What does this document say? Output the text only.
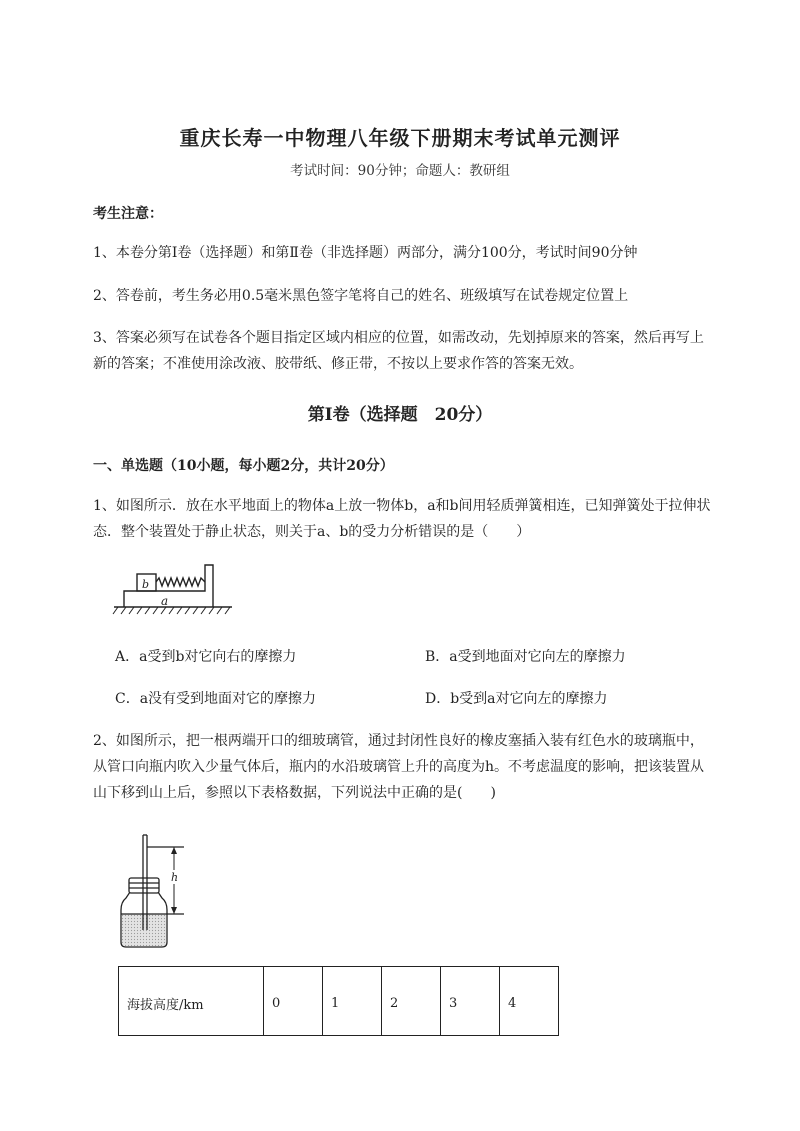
重庆长寿一中物理八年级下册期末考试单元测评
考试时间：90分钟；命题人：教研组
考生注意：
1、本卷分第I卷（选择题）和第Ⅱ卷（非选择题）两部分，满分100分，考试时间90分钟
2、答卷前，考生务必用0.5毫米黑色签字笔将自己的姓名、班级填写在试卷规定位置上
3、答案必须写在试卷各个题目指定区域内相应的位置，如需改动，先划掉原来的答案，然后再写上新的答案；不准使用涂改液、胶带纸、修正带，不按以上要求作答的答案无效。
第I卷（选择题　20分）
一、单选题（10小题，每小题2分，共计20分）
1、如图所示．放在水平地面上的物体a上放一物体b，a和b间用轻质弹簧相连，已知弹簧处于拉伸状态．整个装置处于静止状态，则关于a、b的受力分析错误的是（　　）
b
a
A．a受到b对它向右的摩擦力	B．a受到地面对它向左的摩擦力
C．a没有受到地面对它的摩擦力	D．b受到a对它向左的摩擦力
2、如图所示，把一根两端开口的细玻璃管，通过封闭性良好的橡皮塞插入装有红色水的玻璃瓶中，从管口向瓶内吹入少量气体后，瓶内的水沿玻璃管上升的高度为h。不考虑温度的影响，把该装置从山下移到山上后，参照以下表格数据，下列说法中正确的是(　　)
h
海拔高度/km	0	1	2	3	4
